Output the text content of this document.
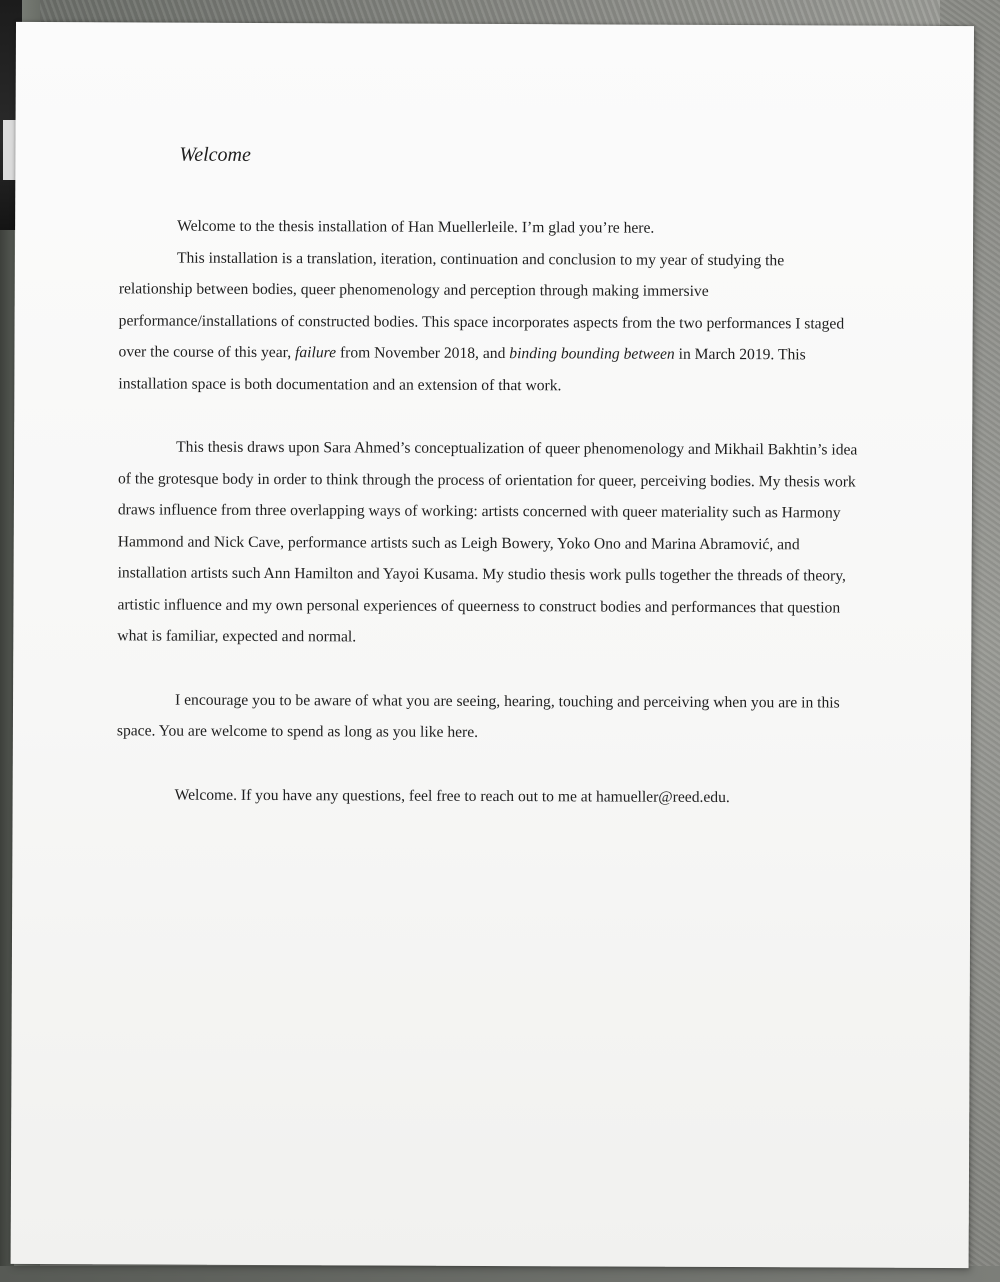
Welcome

Welcome to the thesis installation of Han Muellerleile. I’m glad you’re here.

This installation is a translation, iteration, continuation and conclusion to my year of studying the relationship between bodies, queer phenomenology and perception through making immersive performance/installations of constructed bodies. This space incorporates aspects from the two performances I staged over the course of this year, failure from November 2018, and binding bounding between in March 2019. This installation space is both documentation and an extension of that work.

This thesis draws upon Sara Ahmed’s conceptualization of queer phenomenology and Mikhail Bakhtin’s idea of the grotesque body in order to think through the process of orientation for queer, perceiving bodies. My thesis work draws influence from three overlapping ways of working: artists concerned with queer materiality such as Harmony Hammond and Nick Cave, performance artists such as Leigh Bowery, Yoko Ono and Marina Abramović, and installation artists such Ann Hamilton and Yayoi Kusama. My studio thesis work pulls together the threads of theory, artistic influence and my own personal experiences of queerness to construct bodies and performances that question what is familiar, expected and normal.

I encourage you to be aware of what you are seeing, hearing, touching and perceiving when you are in this space. You are welcome to spend as long as you like here.

Welcome. If you have any questions, feel free to reach out to me at hamueller@reed.edu.
